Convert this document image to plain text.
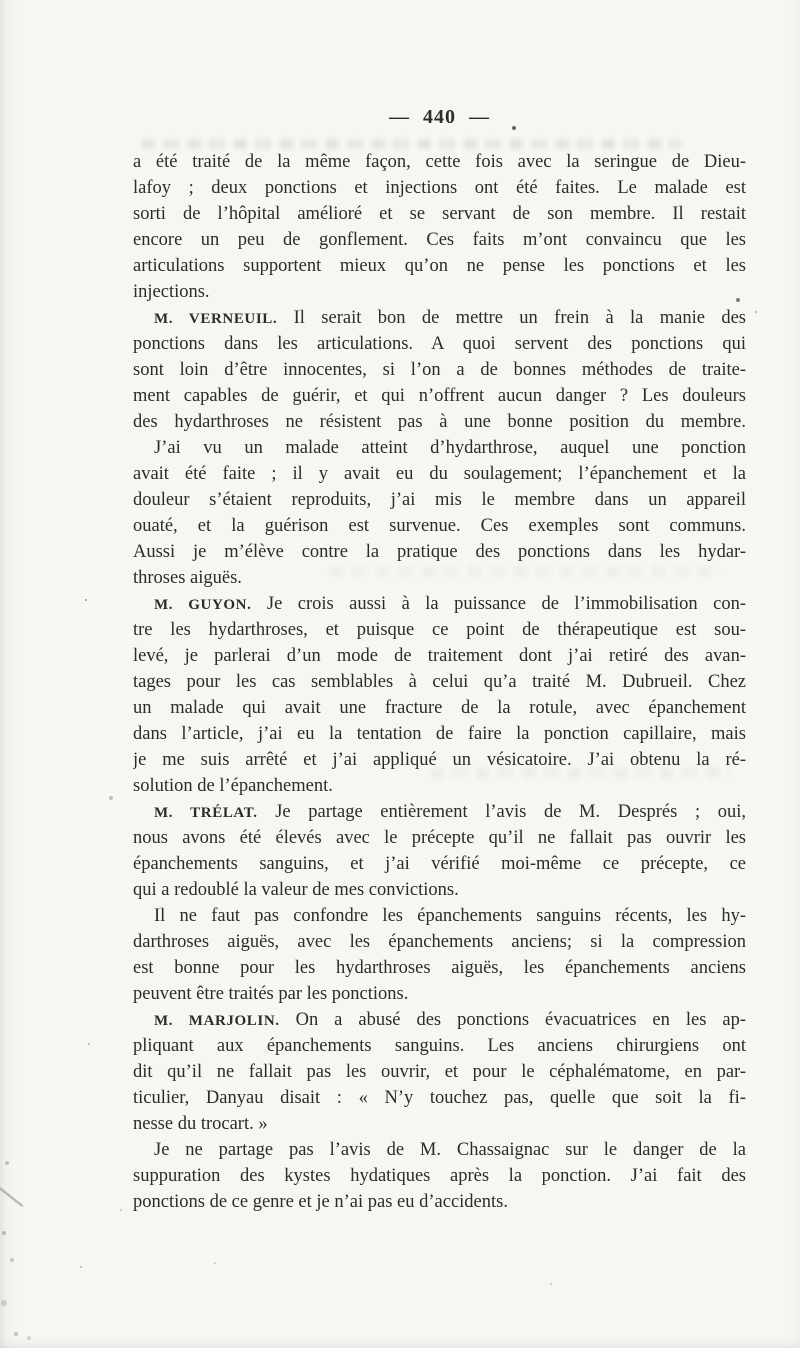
— 440 —
a été traité de la même façon, cette fois avec la seringue de Dieu-
lafoy ; deux ponctions et injections ont été faites. Le malade est
sorti de l’hôpital amélioré et se servant de son membre. Il restait
encore un peu de gonflement. Ces faits m’ont convaincu que les
articulations supportent mieux qu’on ne pense les ponctions et les
injections.
M. VERNEUIL. Il serait bon de mettre un frein à la manie des
ponctions dans les articulations. A quoi servent des ponctions qui
sont loin d’être innocentes, si l’on a de bonnes méthodes de traite-
ment capables de guérir, et qui n’offrent aucun danger ? Les douleurs
des hydarthroses ne résistent pas à une bonne position du membre.
J’ai vu un malade atteint d’hydarthrose, auquel une ponction
avait été faite ; il y avait eu du soulagement; l’épanchement et la
douleur s’étaient reproduits, j’ai mis le membre dans un appareil
ouaté, et la guérison est survenue. Ces exemples sont communs.
Aussi je m’élève contre la pratique des ponctions dans les hydar-
throses aiguës.
M. GUYON. Je crois aussi à la puissance de l’immobilisation con-
tre les hydarthroses, et puisque ce point de thérapeutique est sou-
levé, je parlerai d’un mode de traitement dont j’ai retiré des avan-
tages pour les cas semblables à celui qu’a traité M. Dubrueil. Chez
un malade qui avait une fracture de la rotule, avec épanchement
dans l’article, j’ai eu la tentation de faire la ponction capillaire, mais
je me suis arrêté et j’ai appliqué un vésicatoire. J’ai obtenu la ré-
solution de l’épanchement.
M. TRÉLAT. Je partage entièrement l’avis de M. Després ; oui,
nous avons été élevés avec le précepte qu’il ne fallait pas ouvrir les
épanchements sanguins, et j’ai vérifié moi-même ce précepte, ce
qui a redoublé la valeur de mes convictions.
Il ne faut pas confondre les épanchements sanguins récents, les hy-
darthroses aiguës, avec les épanchements anciens; si la compression
est bonne pour les hydarthroses aiguës, les épanchements anciens
peuvent être traités par les ponctions.
M. MARJOLIN. On a abusé des ponctions évacuatrices en les ap-
pliquant aux épanchements sanguins. Les anciens chirurgiens ont
dit qu’il ne fallait pas les ouvrir, et pour le céphalématome, en par-
ticulier, Danyau disait : « N’y touchez pas, quelle que soit la fi-
nesse du trocart. »
Je ne partage pas l’avis de M. Chassaignac sur le danger de la
suppuration des kystes hydatiques après la ponction. J’ai fait des
ponctions de ce genre et je n’ai pas eu d’accidents.
